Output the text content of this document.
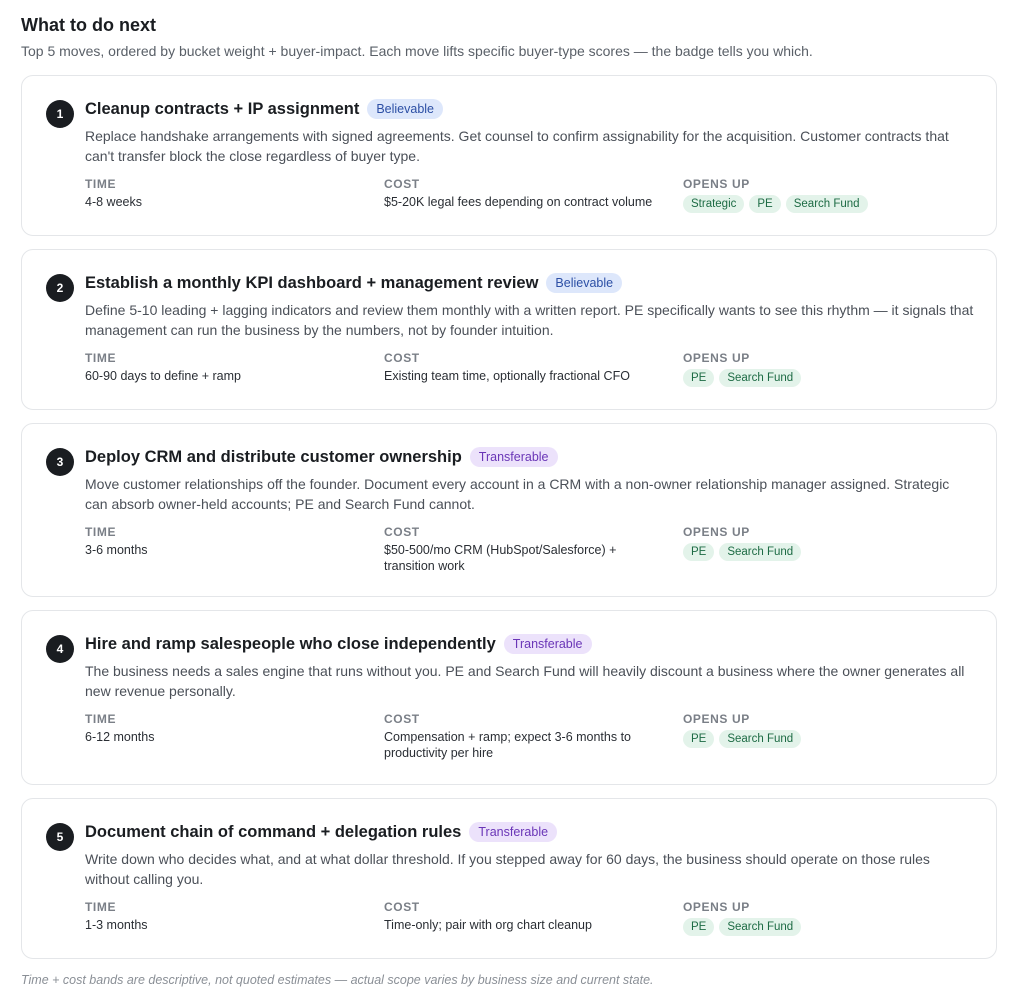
What to do next
Top 5 moves, ordered by bucket weight + buyer-impact. Each move lifts specific buyer-type scores — the badge tells you which.
1	Cleanup contracts + IP assignment	Believable
Replace handshake arrangements with signed agreements. Get counsel to confirm assignability for the acquisition. Customer contracts that can't transfer block the close regardless of buyer type.
TIME
4-8 weeks
COST
$5-20K legal fees depending on contract volume
OPENS UP
Strategic	PE	Search Fund
2	Establish a monthly KPI dashboard + management review	Believable
Define 5-10 leading + lagging indicators and review them monthly with a written report. PE specifically wants to see this rhythm — it signals that management can run the business by the numbers, not by founder intuition.
TIME
60-90 days to define + ramp
COST
Existing team time, optionally fractional CFO
OPENS UP
PE	Search Fund
3	Deploy CRM and distribute customer ownership	Transferable
Move customer relationships off the founder. Document every account in a CRM with a non-owner relationship manager assigned. Strategic can absorb owner-held accounts; PE and Search Fund cannot.
TIME
3-6 months
COST
$50-500/mo CRM (HubSpot/Salesforce) + transition work
OPENS UP
PE	Search Fund
4	Hire and ramp salespeople who close independently	Transferable
The business needs a sales engine that runs without you. PE and Search Fund will heavily discount a business where the owner generates all new revenue personally.
TIME
6-12 months
COST
Compensation + ramp; expect 3-6 months to productivity per hire
OPENS UP
PE	Search Fund
5	Document chain of command + delegation rules	Transferable
Write down who decides what, and at what dollar threshold. If you stepped away for 60 days, the business should operate on those rules without calling you.
TIME
1-3 months
COST
Time-only; pair with org chart cleanup
OPENS UP
PE	Search Fund
Time + cost bands are descriptive, not quoted estimates — actual scope varies by business size and current state.
